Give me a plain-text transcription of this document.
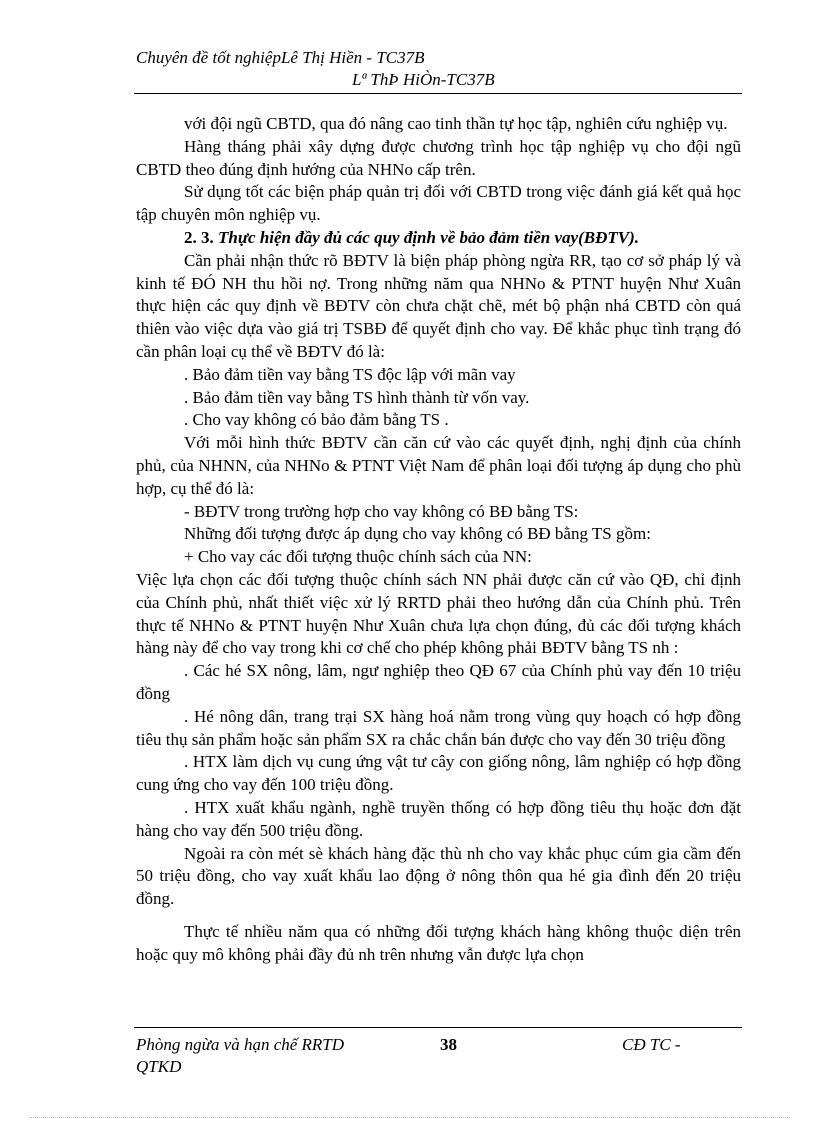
Chuyên đề tốt nghiệpLê Thị Hiền - TC37B
Lª ThÞ HiÒn-TC37B

với đội ngũ CBTD, qua đó nâng cao tinh thần tự học tập, nghiên cứu nghiệp vụ.

Hàng tháng phải xây dựng được chương trình học tập nghiệp vụ cho đội ngũ CBTD theo đúng định hướng của NHNo cấp trên.

Sử dụng tốt các biện pháp quản trị đối với CBTD trong việc đánh giá kết quả học tập chuyên môn nghiệp vụ.

2. 3. Thực hiện đầy đủ các quy định về bảo đảm tiền vay(BĐTV).

Cần phải nhận thức rõ BĐTV là biện pháp phòng ngừa RR, tạo cơ sở pháp lý và kinh tế ĐÓ NH thu hồi nợ. Trong những năm qua NHNo & PTNT huyện Như Xuân thực hiện các quy định về BĐTV còn chưa chặt chẽ, mét bộ phận nhá CBTD còn quá thiên vào việc dựa vào giá trị TSBĐ để quyết định cho vay. Để khắc phục tình trạng đó cần phân loại cụ thể về BĐTV đó là:

. Bảo đảm tiền vay bằng TS độc lập với mãn vay

. Bảo đảm tiền vay bằng TS hình thành từ vốn vay.

. Cho vay không có bảo đảm bằng TS .

Với mỗi hình thức BĐTV cần căn cứ vào các quyết định, nghị định của chính phủ, của NHNN, của NHNo & PTNT Việt Nam để phân loại đối tượng áp dụng cho phù hợp, cụ thể đó là:

- BĐTV trong trường hợp cho vay không có BĐ bằng TS:

Những đối tượng được áp dụng cho vay không có BĐ bằng TS gồm:

+ Cho vay các đối tượng thuộc chính sách của NN:

Việc lựa chọn các đối tượng thuộc chính sách NN phải được căn cứ vào QĐ, chỉ định của Chính phủ, nhất thiết việc xử lý RRTD phải theo hướng dẫn của Chính phủ. Trên thực tế NHNo & PTNT huyện Như Xuân chưa lựa chọn đúng, đủ các đối tượng khách hàng này để cho vay trong khi cơ chế cho phép không phải BĐTV bằng TS nh :

. Các hé SX nông, lâm, ngư nghiệp theo QĐ 67 của Chính phủ vay đến 10 triệu đồng

. Hé nông dân, trang trại SX hàng hoá nằm trong vùng quy hoạch có hợp đồng tiêu thụ sản phẩm hoặc sản phẩm SX ra chắc chắn bán được cho vay đến 30 triệu đồng

. HTX làm dịch vụ cung ứng vật tư cây con giống nông, lâm nghiệp có hợp đồng cung ứng cho vay đến 100 triệu đồng.

. HTX xuất khẩu ngành, nghề truyền thống có hợp đồng tiêu thụ hoặc đơn đặt hàng cho vay đến 500 triệu đồng.

Ngoài ra còn mét sè khách hàng đặc thù nh cho vay khắc phục cúm gia cầm đến 50 triệu đồng, cho vay xuất khẩu lao động ở nông thôn qua hé gia đình đến 20 triệu đồng.

Thực tế nhiều năm qua có những đối tượng khách hàng không thuộc diện trên hoặc quy mô không phải đầy đủ nh trên nhưng vẫn được lựa chọn

Phòng ngừa và hạn chế RRTD	38	CĐ TC -
QTKD
